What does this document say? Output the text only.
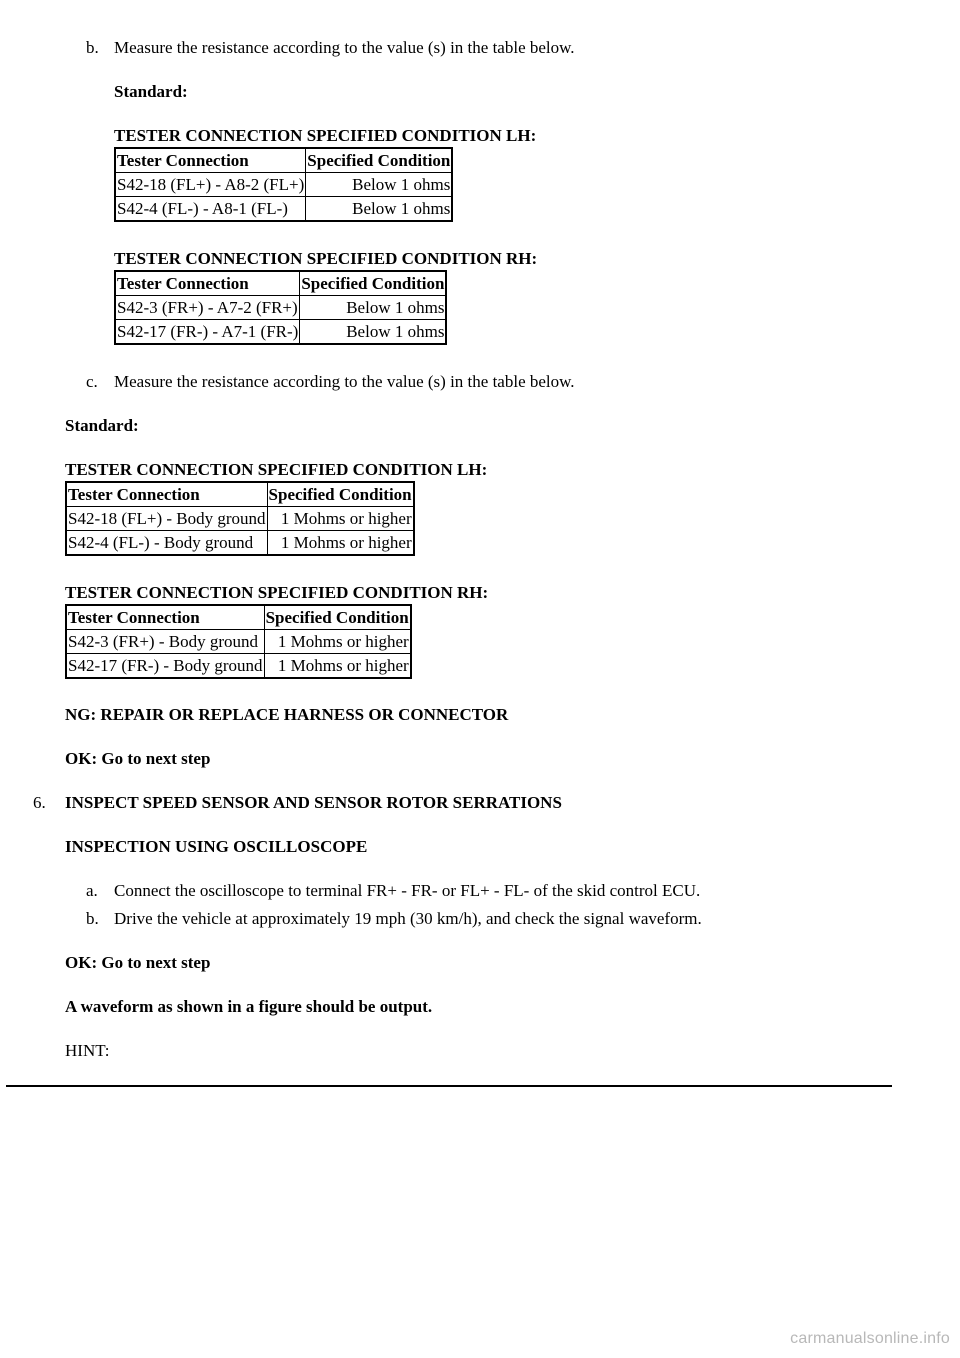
b. Measure the resistance according to the value (s) in the table below.
Standard:
TESTER CONNECTION SPECIFIED CONDITION LH:
Tester Connection	Specified Condition
S42-18 (FL+) - A8-2 (FL+)	Below 1 ohms
S42-4 (FL-) - A8-1 (FL-)	Below 1 ohms
TESTER CONNECTION SPECIFIED CONDITION RH:
Tester Connection	Specified Condition
S42-3 (FR+) - A7-2 (FR+)	Below 1 ohms
S42-17 (FR-) - A7-1 (FR-)	Below 1 ohms
c. Measure the resistance according to the value (s) in the table below.
Standard:
TESTER CONNECTION SPECIFIED CONDITION LH:
Tester Connection	Specified Condition
S42-18 (FL+) - Body ground	1 Mohms or higher
S42-4 (FL-) - Body ground	1 Mohms or higher
TESTER CONNECTION SPECIFIED CONDITION RH:
Tester Connection	Specified Condition
S42-3 (FR+) - Body ground	1 Mohms or higher
S42-17 (FR-) - Body ground	1 Mohms or higher
NG: REPAIR OR REPLACE HARNESS OR CONNECTOR
OK: Go to next step
6. INSPECT SPEED SENSOR AND SENSOR ROTOR SERRATIONS
INSPECTION USING OSCILLOSCOPE
a. Connect the oscilloscope to terminal FR+ - FR- or FL+ - FL- of the skid control ECU.
b. Drive the vehicle at approximately 19 mph (30 km/h), and check the signal waveform.
OK: Go to next step
A waveform as shown in a figure should be output.
HINT:
carmanualsonline.info
